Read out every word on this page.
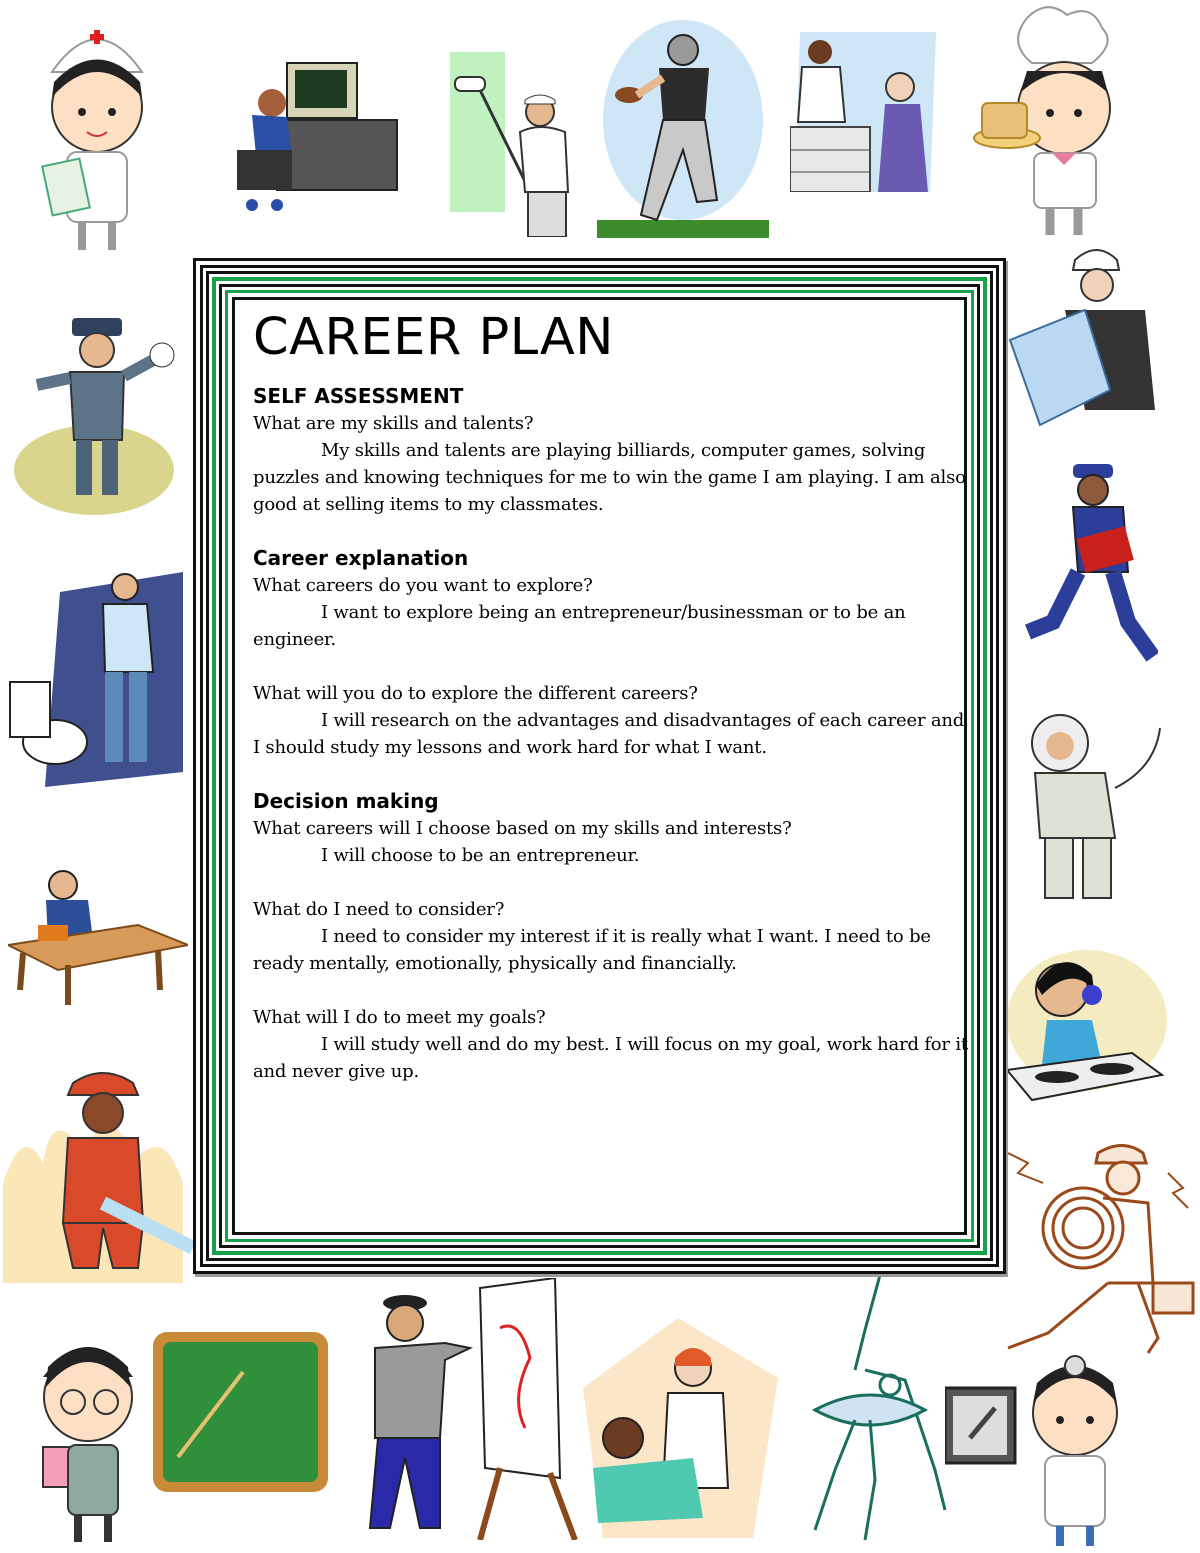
CAREER PLAN
SELF ASSESSMENT

What are my skills and talents?

My skills and talents are playing billiards, computer games, solving puzzles and knowing techniques for me to win the game I am playing. I am also good at selling items to my classmates.

Career explanation

What careers do you want to explore?

I want to explore being an entrepreneur/businessman or to be an engineer.

What will you do to explore the different careers?

I will research on the advantages and disadvantages of each career and I should study my lessons and work hard for what I want.

Decision making

What careers will I choose based on my skills and interests?

I will choose to be an entrepreneur.

What do I need to consider?

I need to consider my interest if it is really what I want. I need to be ready mentally, emotionally, physically and financially.

What will I do to meet my goals?

I will study well and do my best. I will focus on my goal, work hard for it and never give up.
